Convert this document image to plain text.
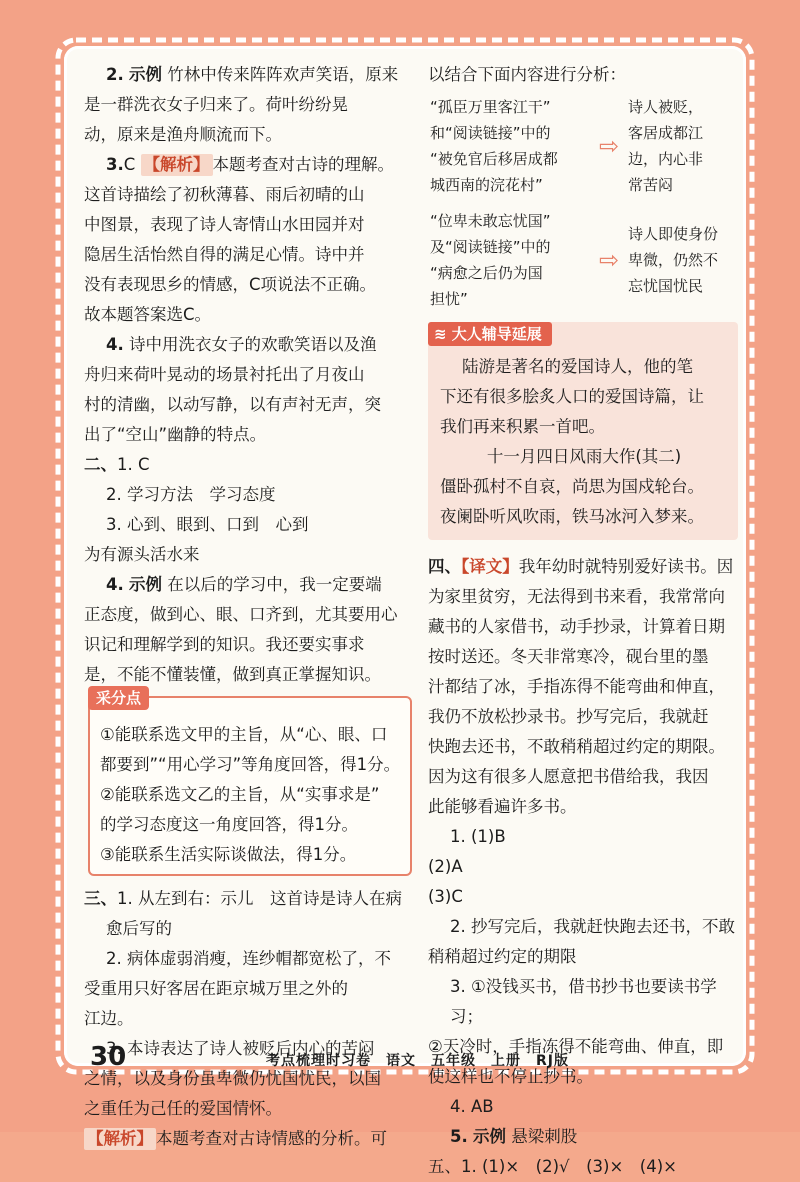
2. 示例 竹林中传来阵阵欢声笑语，原来

是一群洗衣女子归来了。荷叶纷纷晃

动，原来是渔舟顺流而下。

3.C 【解析】 本题考查对古诗的理解。

这首诗描绘了初秋薄暮、雨后初晴的山

中图景，表现了诗人寄情山水田园并对

隐居生活怡然自得的满足心情。诗中并

没有表现思乡的情感，C项说法不正确。

故本题答案选C。

4. 诗中用洗衣女子的欢歌笑语以及渔

舟归来荷叶晃动的场景衬托出了月夜山

村的清幽，以动写静，以有声衬无声，突

出了“空山”幽静的特点。

二、1. C

2. 学习方法　学习态度

3. 心到、眼到、口到　心到

为有源头活水来

4. 示例 在以后的学习中，我一定要端

正态度，做到心、眼、口齐到，尤其要用心

识记和理解学到的知识。我还要实事求

是，不能不懂装懂，做到真正掌握知识。

采分点

①能联系选文甲的主旨，从“心、眼、口

都要到”“用心学习”等角度回答，得1分。

②能联系选文乙的主旨，从“实事求是”

的学习态度这一角度回答，得1分。

③能联系生活实际谈做法，得1分。

三、1. 从左到右：示儿　这首诗是诗人在病

愈后写的

2. 病体虚弱消瘦，连纱帽都宽松了，不

受重用只好客居在距京城万里之外的

江边。

3. 本诗表达了诗人被贬后内心的苦闷

之情，以及身份虽卑微仍忧国忧民，以国

之重任为己任的爱国情怀。

【解析】 本题考查对古诗情感的分析。可

以结合下面内容进行分析：

“孤臣万里客江干”
和“阅读链接”中的
“被免官后移居成都
城西南的浣花村”
⇨
诗人被贬，
客居成都江
边，内心非
常苦闷
“位卑未敢忘忧国”
及“阅读链接”中的
“病愈之后仍为国
担忧”
⇨
诗人即使身份
卑微，仍然不
忘忧国忧民
≋ 大人辅导延展

陆游是著名的爱国诗人，他的笔

下还有很多脍炙人口的爱国诗篇，让

我们再来积累一首吧。

十一月四日风雨大作(其二)

僵卧孤村不自哀，尚思为国戍轮台。

夜阑卧听风吹雨，铁马冰河入梦来。

四、【译文】我年幼时就特别爱好读书。因

为家里贫穷，无法得到书来看，我常常向

藏书的人家借书，动手抄录，计算着日期

按时送还。冬天非常寒冷，砚台里的墨

汁都结了冰，手指冻得不能弯曲和伸直，

我仍不放松抄录书。抄写完后，我就赶

快跑去还书，不敢稍稍超过约定的期限。

因为这有很多人愿意把书借给我，我因

此能够看遍许多书。

1. (1)B

(2)A

(3)C

2. 抄写完后，我就赶快跑去还书，不敢

稍稍超过约定的期限

3. ①没钱买书，借书抄书也要读书学习；

②天冷时，手指冻得不能弯曲、伸直，即

使这样也不停止抄书。

4. AB

5. 示例 悬梁刺股

五、1. (1)×　(2)√　(3)×　(4)×

30	考点梳理时习卷　语文　五年级　上册　RJ版
